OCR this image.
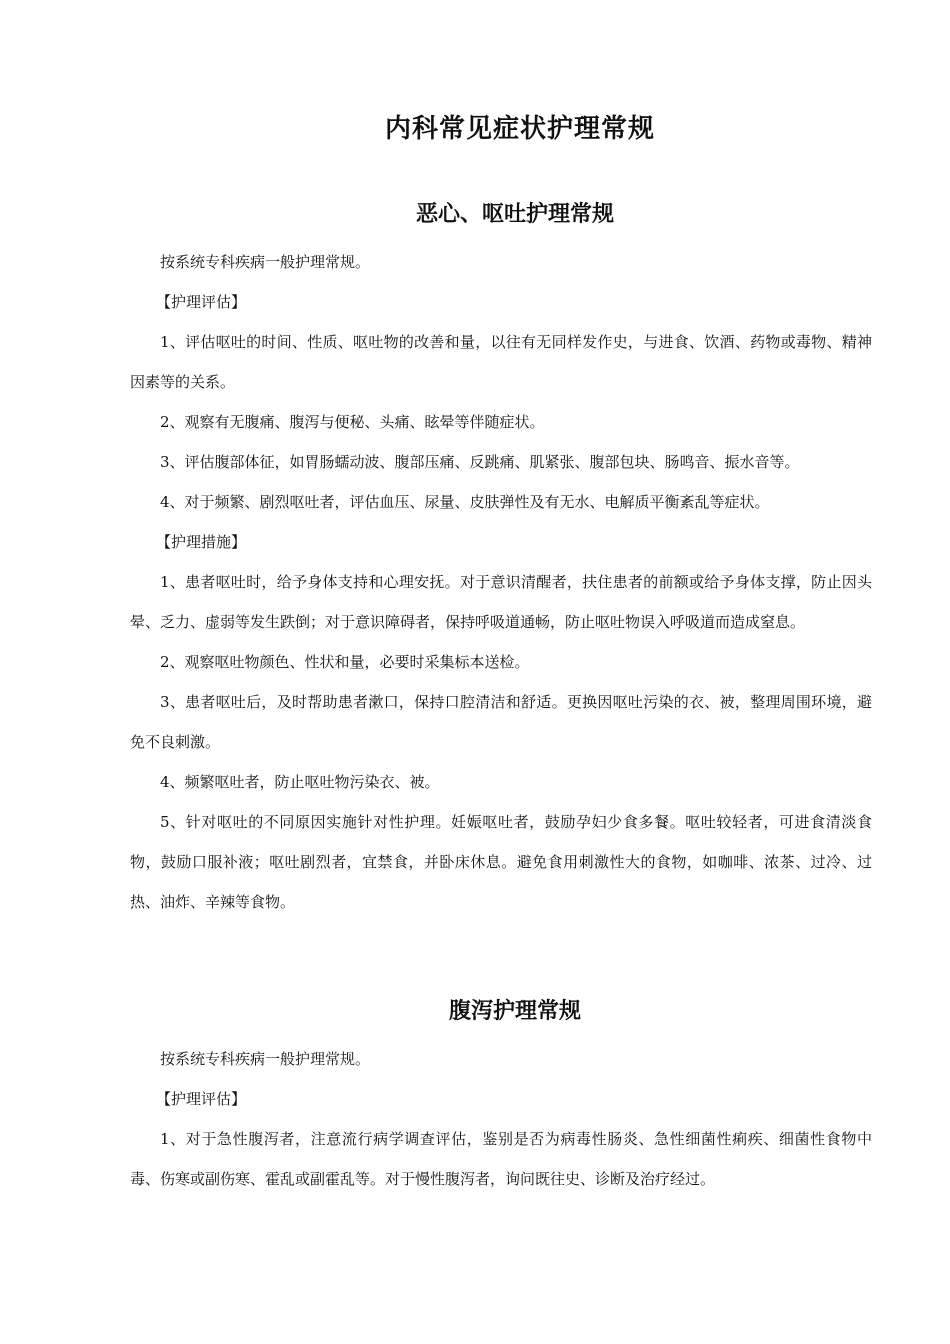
内科常见症状护理常规
恶心、呕吐护理常规

按系统专科疾病一般护理常规。

【护理评估】

1、评估呕吐的时间、性质、呕吐物的改善和量，以往有无同样发作史，与进食、饮酒、药物或毒物、精神因素等的关系。

2、观察有无腹痛、腹泻与便秘、头痛、眩晕等伴随症状。

3、评估腹部体征，如胃肠蠕动波、腹部压痛、反跳痛、肌紧张、腹部包块、肠鸣音、振水音等。

4、对于频繁、剧烈呕吐者，评估血压、尿量、皮肤弹性及有无水、电解质平衡紊乱等症状。

【护理措施】

1、患者呕吐时，给予身体支持和心理安抚。对于意识清醒者，扶住患者的前额或给予身体支撑，防止因头晕、乏力、虚弱等发生跌倒；对于意识障碍者，保持呼吸道通畅，防止呕吐物误入呼吸道而造成窒息。

2、观察呕吐物颜色、性状和量，必要时采集标本送检。

3、患者呕吐后，及时帮助患者漱口，保持口腔清洁和舒适。更换因呕吐污染的衣、被，整理周围环境，避免不良刺激。

4、频繁呕吐者，防止呕吐物污染衣、被。

5、针对呕吐的不同原因实施针对性护理。妊娠呕吐者，鼓励孕妇少食多餐。呕吐较轻者，可进食清淡食物，鼓励口服补液；呕吐剧烈者，宜禁食，并卧床休息。避免食用刺激性大的食物，如咖啡、浓茶、过冷、过热、油炸、辛辣等食物。

腹泻护理常规

按系统专科疾病一般护理常规。

【护理评估】

1、对于急性腹泻者，注意流行病学调查评估，鉴别是否为病毒性肠炎、急性细菌性痢疾、细菌性食物中毒、伤寒或副伤寒、霍乱或副霍乱等。对于慢性腹泻者，询问既往史、诊断及治疗经过。
